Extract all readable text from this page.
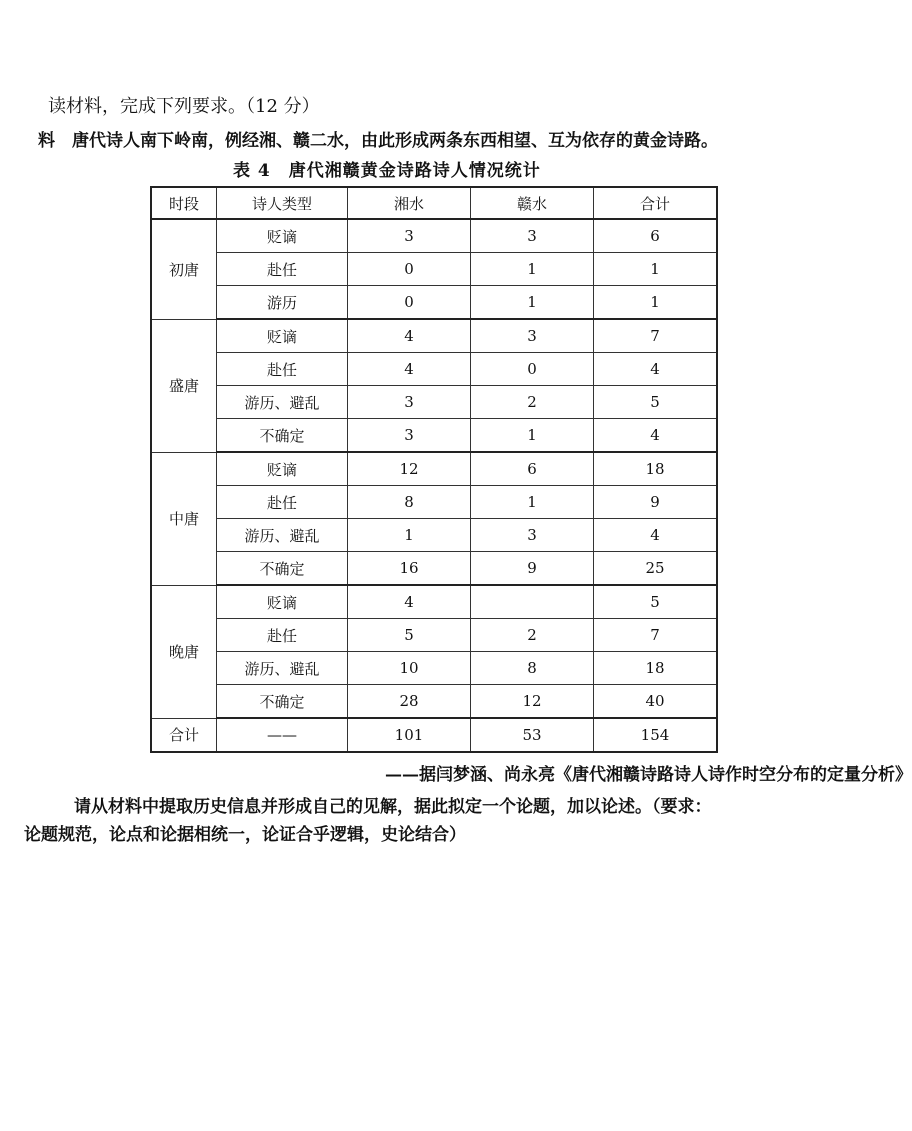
读材料，完成下列要求。（12 分）
料　唐代诗人南下岭南，例经湘、赣二水，由此形成两条东西相望、互为依存的黄金诗路。
表 4　唐代湘赣黄金诗路诗人情况统计
时段	诗人类型	湘水	赣水	合计
初唐	贬谪	3	3	6
	赴任	0	1	1
	游历	0	1	1
盛唐	贬谪	4	3	7
	赴任	4	0	4
	游历、避乱	3	2	5
	不确定	3	1	4
中唐	贬谪	12	6	18
	赴任	8	1	9
	游历、避乱	1	3	4
	不确定	16	9	25
晚唐	贬谪	4		5
	赴任	5	2	7
	游历、避乱	10	8	18
	不确定	28	12	40
合计	——	101	53	154
——据闫梦涵、尚永亮《唐代湘赣诗路诗人诗作时空分布的定量分析》
请从材料中提取历史信息并形成自己的见解，据此拟定一个论题，加以论述。（要求：
论题规范，论点和论据相统一，论证合乎逻辑，史论结合）
